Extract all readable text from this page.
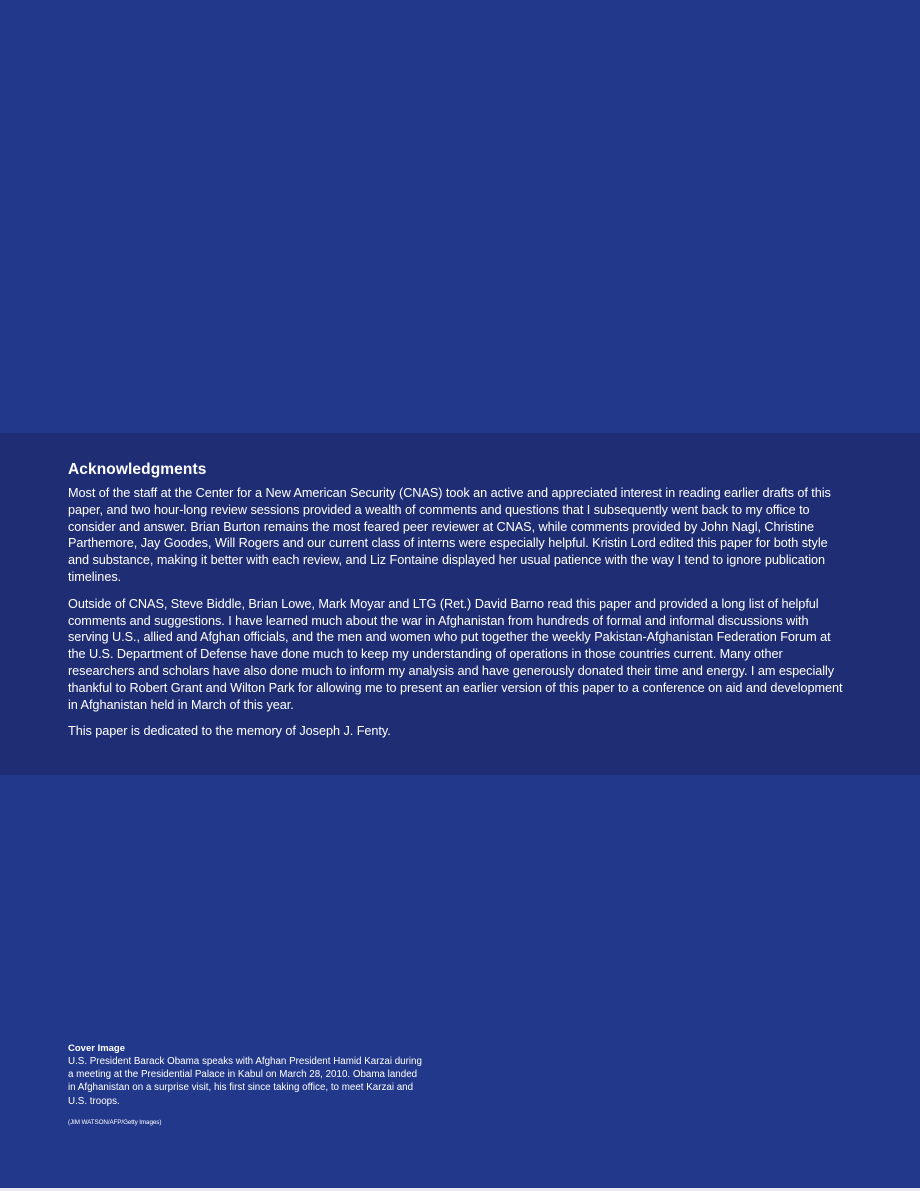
Acknowledgments

Most of the staff at the Center for a New American Security (CNAS) took an active and appreciated interest in reading earlier drafts of this paper, and two hour-long review sessions provided a wealth of comments and questions that I subsequently went back to my office to consider and answer. Brian Burton remains the most feared peer reviewer at CNAS, while comments provided by John Nagl, Christine Parthemore, Jay Goodes, Will Rogers and our current class of interns were especially helpful. Kristin Lord edited this paper for both style and substance, making it better with each review, and Liz Fontaine displayed her usual patience with the way I tend to ignore publication timelines.

Outside of CNAS, Steve Biddle, Brian Lowe, Mark Moyar and LTG (Ret.) David Barno read this paper and provided a long list of helpful comments and suggestions. I have learned much about the war in Afghanistan from hundreds of formal and informal discussions with serving U.S., allied and Afghan officials, and the men and women who put together the weekly Pakistan-Afghanistan Federation Forum at the U.S. Department of Defense have done much to keep my understanding of operations in those countries current. Many other researchers and scholars have also done much to inform my analysis and have generously donated their time and energy. I am especially thankful to Robert Grant and Wilton Park for allowing me to present an earlier version of this paper to a conference on aid and development in Afghanistan held in March of this year.

This paper is dedicated to the memory of Joseph J. Fenty.

Cover Image

U.S. President Barack Obama speaks with Afghan President Hamid Karzai during a meeting at the Presidential Palace in Kabul on March 28, 2010. Obama landed in Afghanistan on a surprise visit, his first since taking office, to meet Karzai and U.S. troops.

(JIM WATSON/AFP/Getty Images)
